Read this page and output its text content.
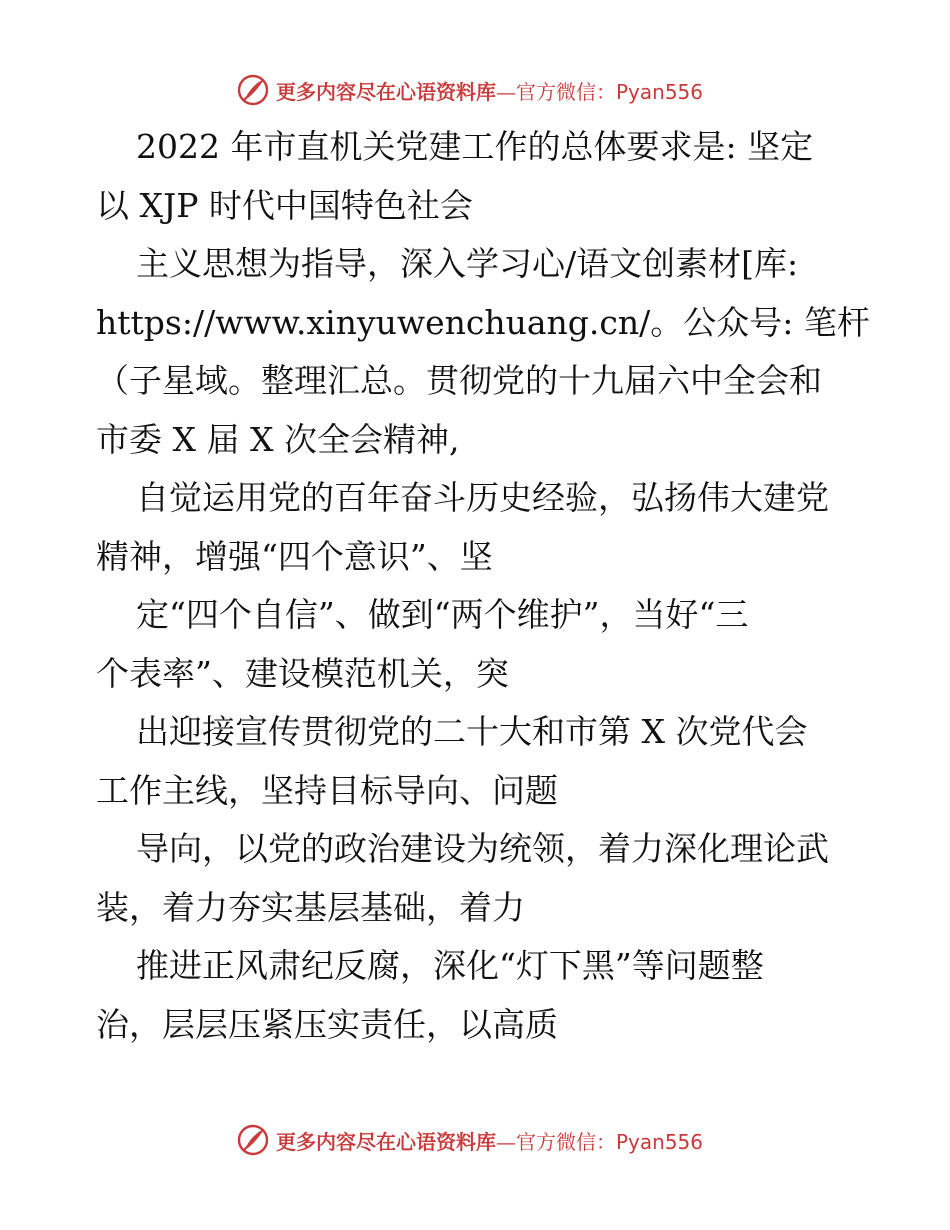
更多内容尽在心语资料库—官方微信：Pyan556
2022 年市直机关党建工作的总体要求是: 坚定
以 XJP 时代中国特色社会
主义思想为指导，深入学习心/语文创素材[库:
https://www.xinyuwenchuang.cn/。公众号: 笔杆
（子星域。整理汇总。贯彻党的十九届六中全会和
市委 X 届 X 次全会精神,
自觉运用党的百年奋斗历史经验，弘扬伟大建党
精神，增强“四个意识”、坚
定“四个自信”、做到“两个维护”，当好“三
个表率”、建设模范机关，突
出迎接宣传贯彻党的二十大和市第 X 次党代会
工作主线，坚持目标导向、问题
导向，以党的政治建设为统领，着力深化理论武
装，着力夯实基层基础，着力
推进正风肃纪反腐，深化“灯下黑”等问题整
治，层层压紧压实责任，以高质
更多内容尽在心语资料库—官方微信：Pyan556
